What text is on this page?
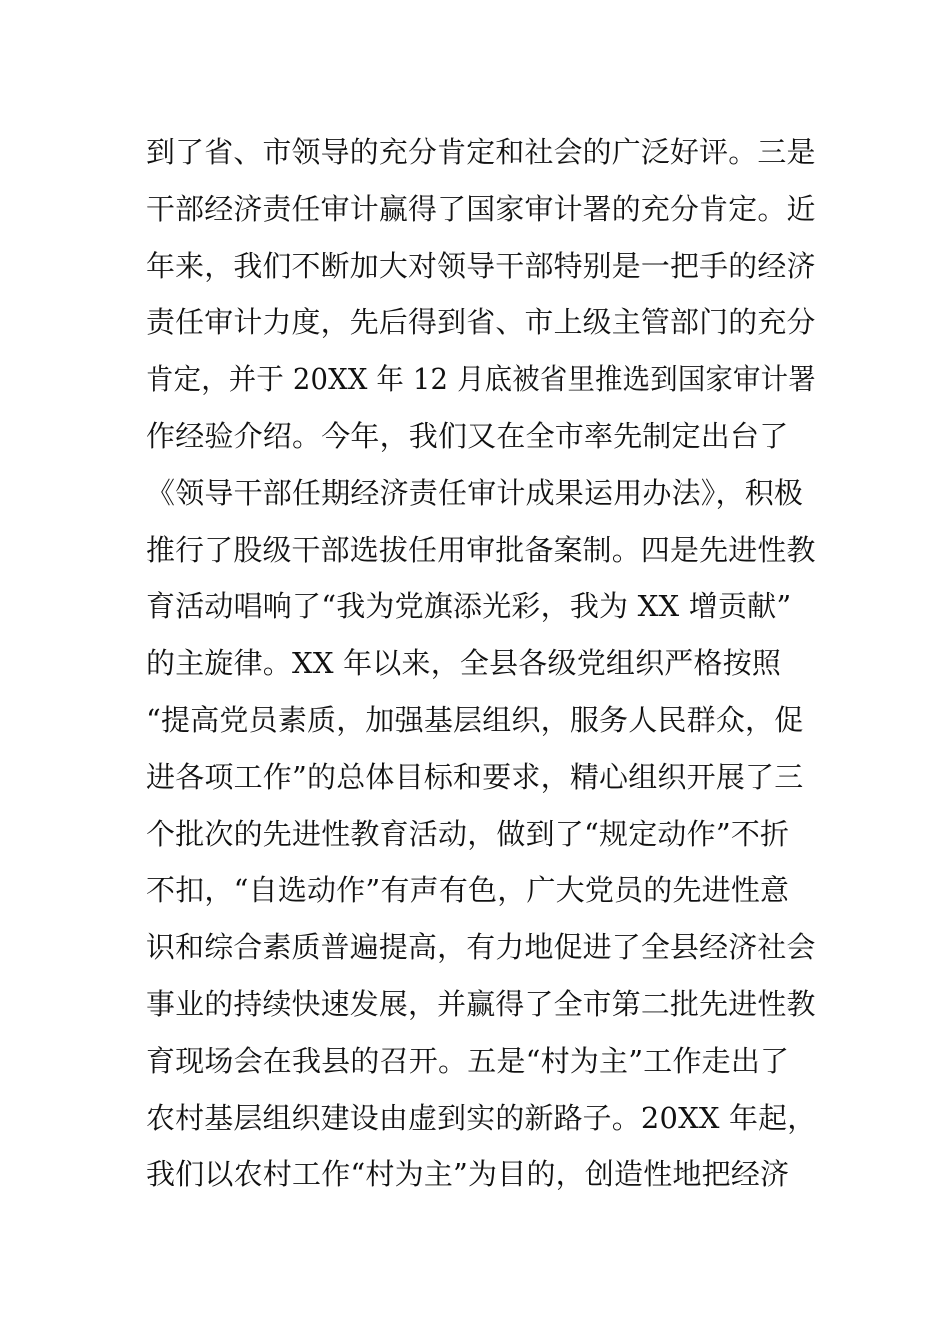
到了省、市领导的充分肯定和社会的广泛好评。三是
干部经济责任审计赢得了国家审计署的充分肯定。近
年来，我们不断加大对领导干部特别是一把手的经济
责任审计力度，先后得到省、市上级主管部门的充分
肯定，并于 20XX 年 12 月底被省里推选到国家审计署
作经验介绍。今年，我们又在全市率先制定出台了
《领导干部任期经济责任审计成果运用办法》，积极
推行了股级干部选拔任用审批备案制。四是先进性教
育活动唱响了“我为党旗添光彩，我为 XX 增贡献”
的主旋律。XX 年以来，全县各级党组织严格按照
“提高党员素质，加强基层组织，服务人民群众，促
进各项工作”的总体目标和要求，精心组织开展了三
个批次的先进性教育活动，做到了“规定动作”不折
不扣，“自选动作”有声有色，广大党员的先进性意
识和综合素质普遍提高，有力地促进了全县经济社会
事业的持续快速发展，并赢得了全市第二批先进性教
育现场会在我县的召开。五是“村为主”工作走出了
农村基层组织建设由虚到实的新路子。20XX 年起，
我们以农村工作“村为主”为目的，创造性地把经济
